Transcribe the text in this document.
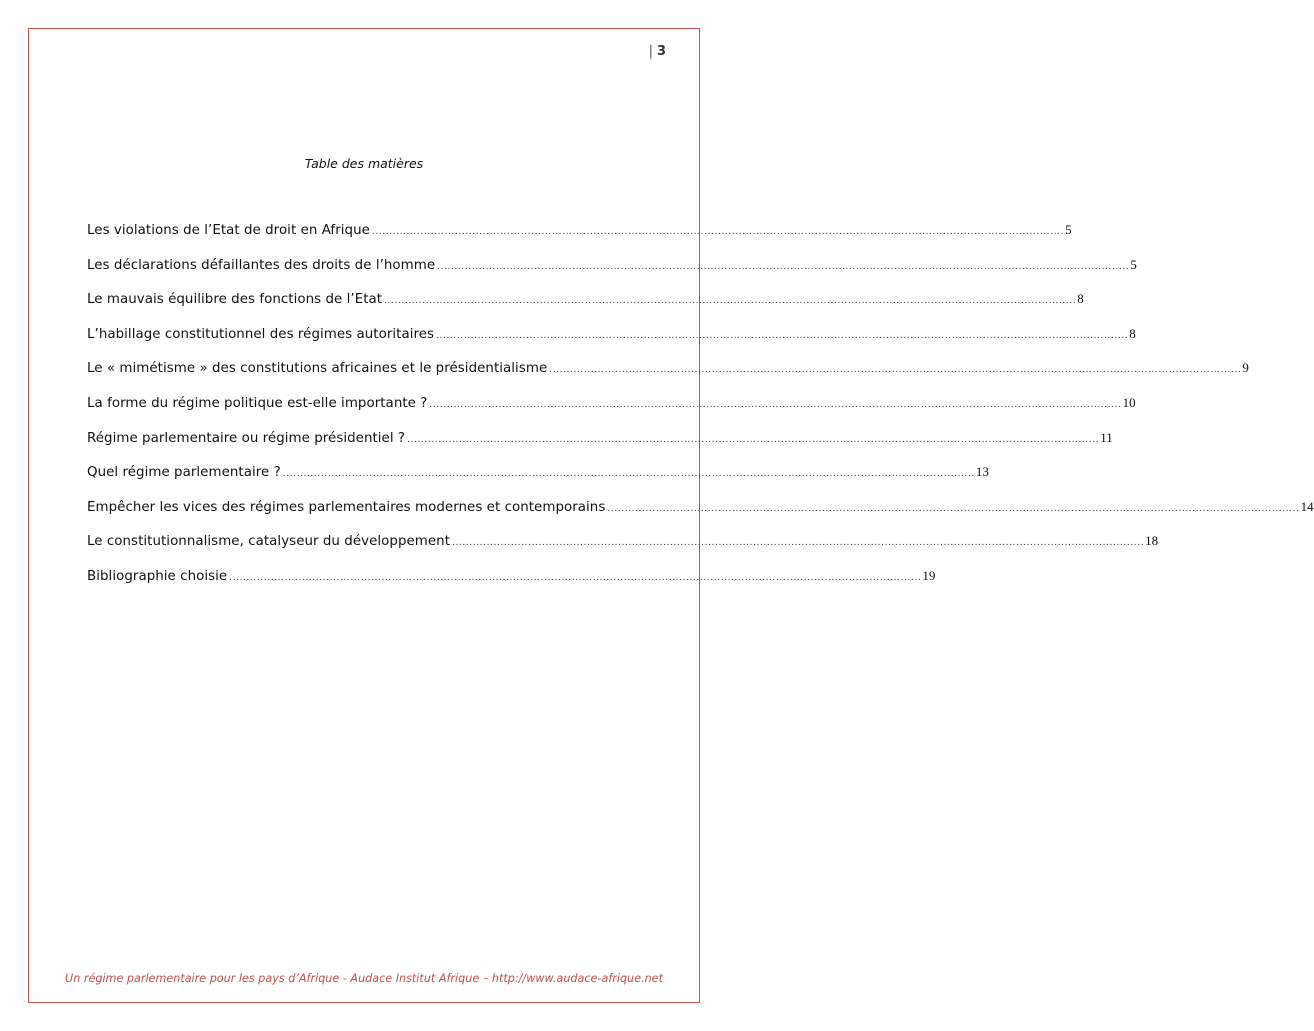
| 3
Table des matières
Les violations de l’Etat de droit en Afrique ........................................................................................................................................................................................................ 5
Les déclarations défaillantes des droits de l’homme ........................................................................................................................................................................................................ 5
Le mauvais équilibre des fonctions de l’Etat ........................................................................................................................................................................................................ 8
L’habillage constitutionnel des régimes autoritaires ........................................................................................................................................................................................................ 8
Le « mimétisme » des constitutions africaines et le présidentialisme ........................................................................................................................................................................................................ 9
La forme du régime politique est-elle importante ? ........................................................................................................................................................................................................ 10
Régime parlementaire ou régime présidentiel ? ........................................................................................................................................................................................................ 11
Quel régime parlementaire ? ........................................................................................................................................................................................................ 13
Empêcher les vices des régimes parlementaires modernes et contemporains ........................................................................................................................................................................................................ 14
Le constitutionnalisme, catalyseur du développement ........................................................................................................................................................................................................ 18
Bibliographie choisie ........................................................................................................................................................................................................ 19
Un régime parlementaire pour les pays d’Afrique - Audace Institut Afrique – http://www.audace-afrique.net
